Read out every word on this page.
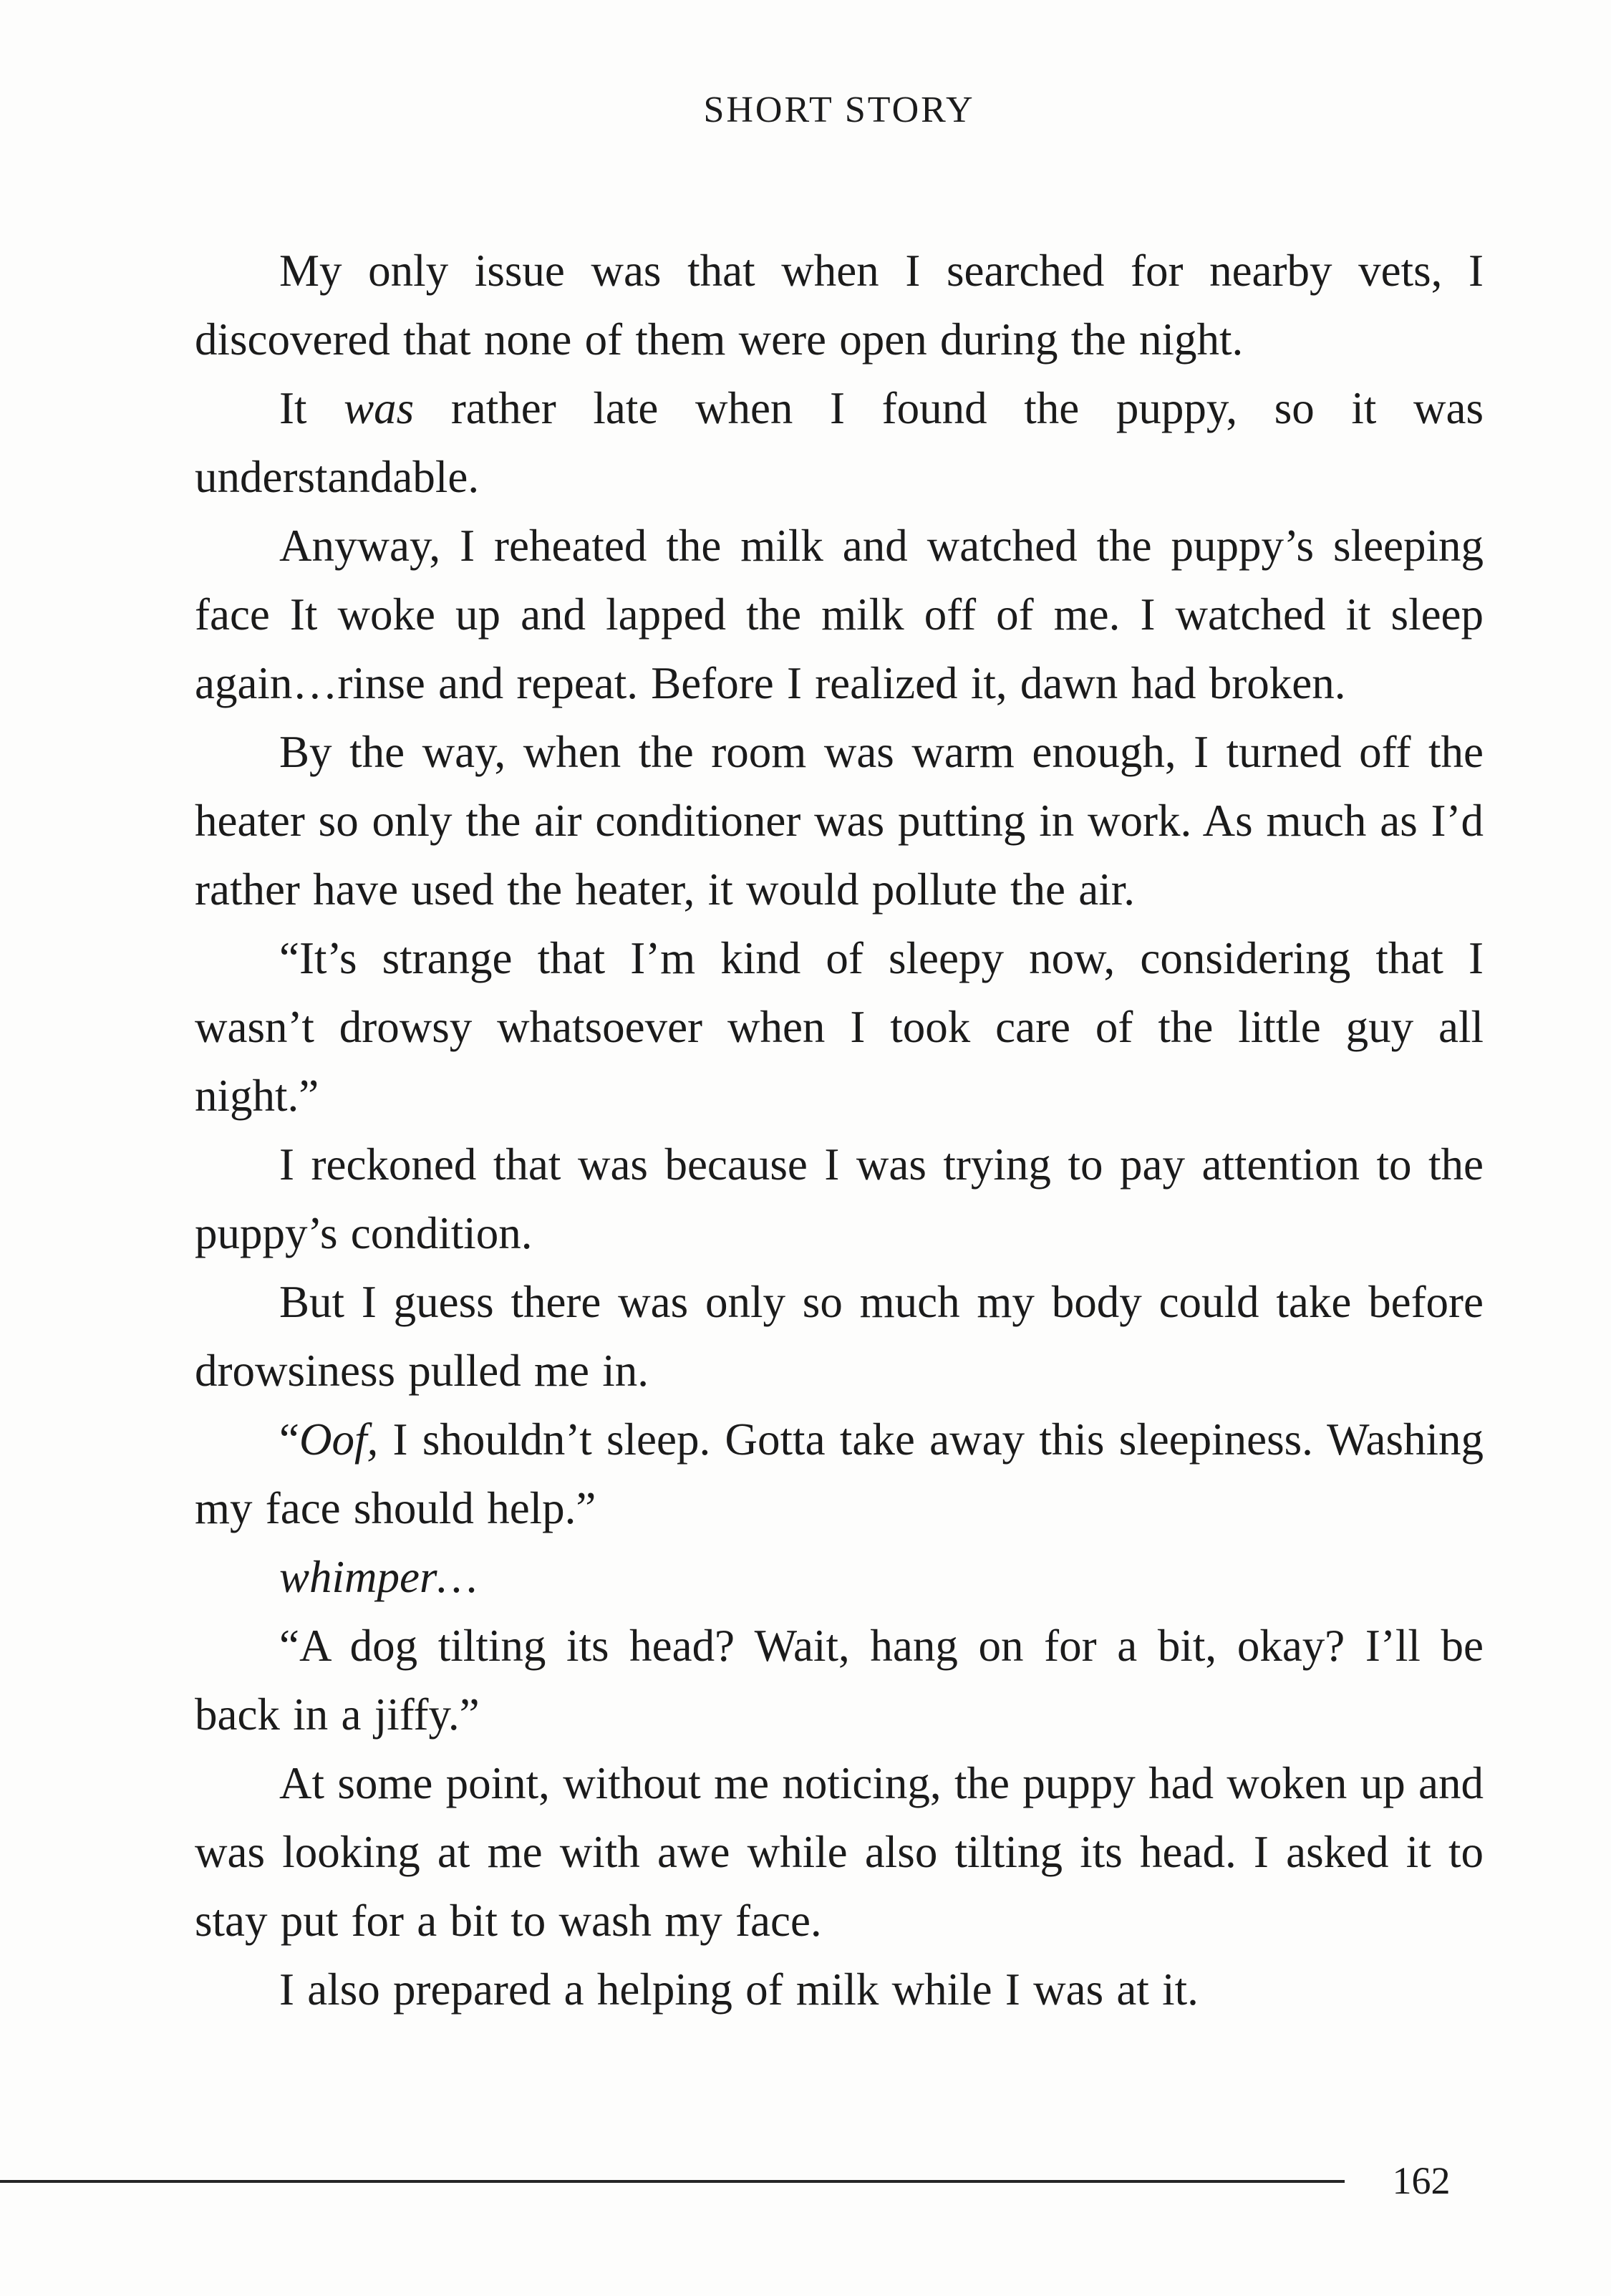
SHORT STORY

My only issue was that when I searched for nearby vets, I discovered that none of them were open during the night.

It was rather late when I found the puppy, so it was understandable.

Anyway, I reheated the milk and watched the puppy’s sleeping face It woke up and lapped the milk off of me. I watched it sleep again…rinse and repeat. Before I realized it, dawn had broken.

By the way, when the room was warm enough, I turned off the heater so only the air conditioner was putting in work. As much as I’d rather have used the heater, it would pollute the air.

“It’s strange that I’m kind of sleepy now, considering that I wasn’t drowsy whatsoever when I took care of the little guy all night.”

I reckoned that was because I was trying to pay attention to the puppy’s condition.

But I guess there was only so much my body could take before drowsiness pulled me in.

“Oof, I shouldn’t sleep. Gotta take away this sleepiness. Washing my face should help.”

whimper…

“A dog tilting its head? Wait, hang on for a bit, okay? I’ll be back in a jiffy.”

At some point, without me noticing, the puppy had woken up and was looking at me with awe while also tilting its head. I asked it to stay put for a bit to wash my face.

I also prepared a helping of milk while I was at it.

162
